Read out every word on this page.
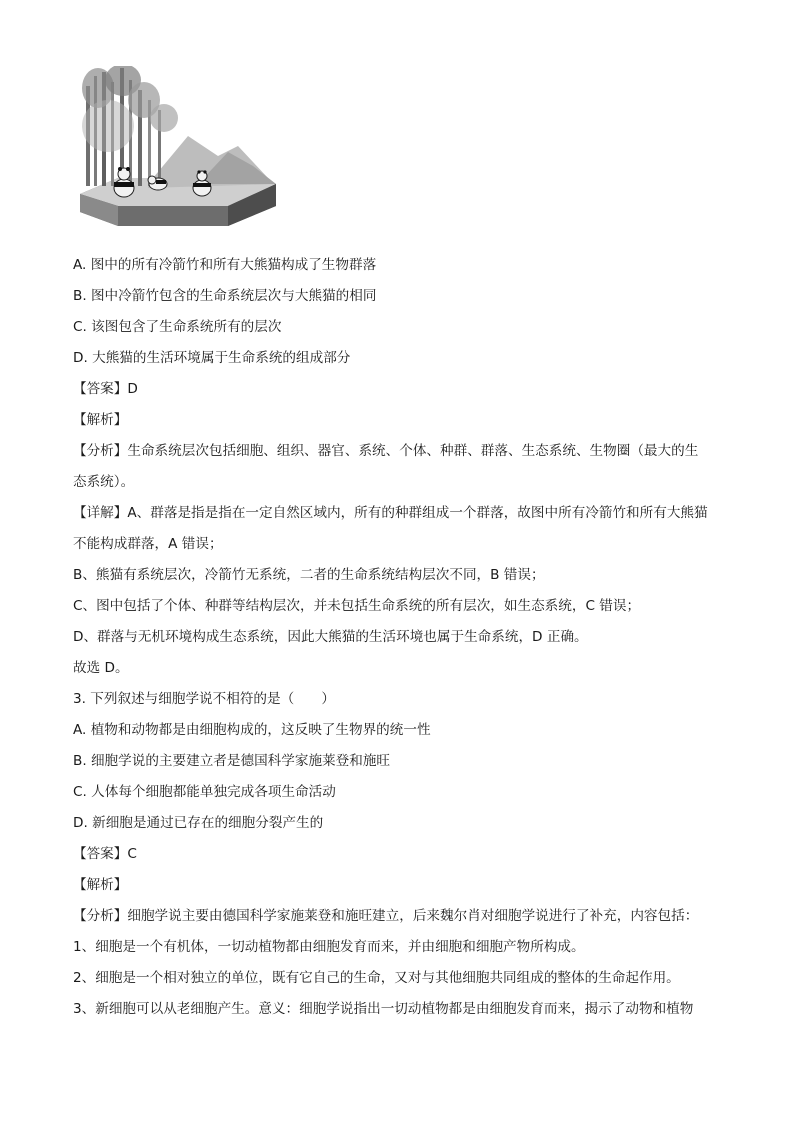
A. 图中的所有冷箭竹和所有大熊猫构成了生物群落
B. 图中冷箭竹包含的生命系统层次与大熊猫的相同
C. 该图包含了生命系统所有的层次
D. 大熊猫的生活环境属于生命系统的组成部分
【答案】D
【解析】
【分析】生命系统层次包括细胞、组织、器官、系统、个体、种群、群落、生态系统、生物圈（最大的生
态系统）。
【详解】A、群落是指是指在一定自然区域内，所有的种群组成一个群落，故图中所有冷箭竹和所有大熊猫
不能构成群落，A 错误；
B、熊猫有系统层次，冷箭竹无系统，二者的生命系统结构层次不同，B 错误；
C、图中包括了个体、种群等结构层次，并未包括生命系统的所有层次，如生态系统，C 错误；
D、群落与无机环境构成生态系统，因此大熊猫的生活环境也属于生命系统，D 正确。
故选 D。
3. 下列叙述与细胞学说不相符的是（　　）
A. 植物和动物都是由细胞构成的，这反映了生物界的统一性
B. 细胞学说的主要建立者是德国科学家施莱登和施旺
C. 人体每个细胞都能单独完成各项生命活动
D. 新细胞是通过已存在的细胞分裂产生的
【答案】C
【解析】
【分析】细胞学说主要由德国科学家施莱登和施旺建立，后来魏尔肖对细胞学说进行了补充，内容包括：
1、细胞是一个有机体，一切动植物都由细胞发育而来，并由细胞和细胞产物所构成。
2、细胞是一个相对独立的单位，既有它自己的生命，又对与其他细胞共同组成的整体的生命起作用。
3、新细胞可以从老细胞产生。意义：细胞学说指出一切动植物都是由细胞发育而来，揭示了动物和植物
